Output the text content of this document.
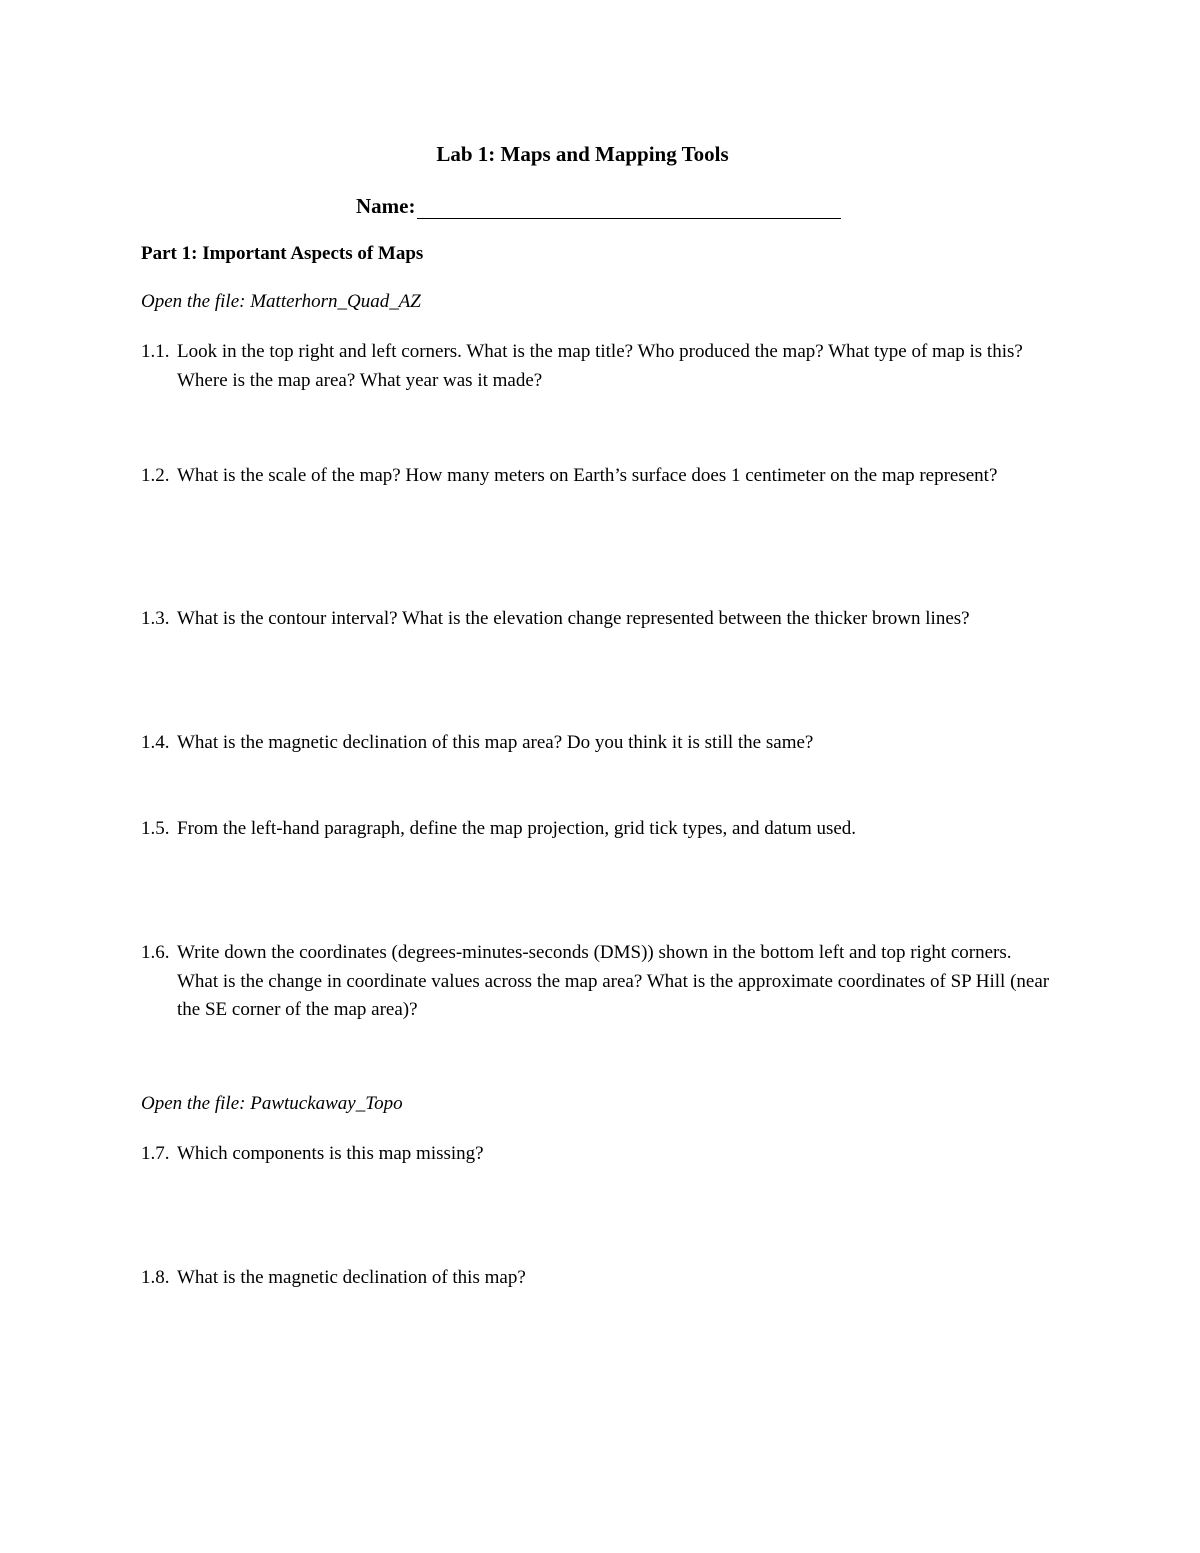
Lab 1: Maps and Mapping Tools
Name:
Part 1: Important Aspects of Maps
Open the file: Matterhorn_Quad_AZ
1.1. Look in the top right and left corners. What is the map title? Who produced the map? What type of map is this? Where is the map area? What year was it made?
1.2. What is the scale of the map? How many meters on Earth’s surface does 1 centimeter on the map represent?
1.3. What is the contour interval? What is the elevation change represented between the thicker brown lines?
1.4. What is the magnetic declination of this map area? Do you think it is still the same?
1.5. From the left-hand paragraph, define the map projection, grid tick types, and datum used.
1.6. Write down the coordinates (degrees-minutes-seconds (DMS)) shown in the bottom left and top right corners. What is the change in coordinate values across the map area? What is the approximate coordinates of SP Hill (near the SE corner of the map area)?
Open the file: Pawtuckaway_Topo
1.7. Which components is this map missing?
1.8. What is the magnetic declination of this map?
